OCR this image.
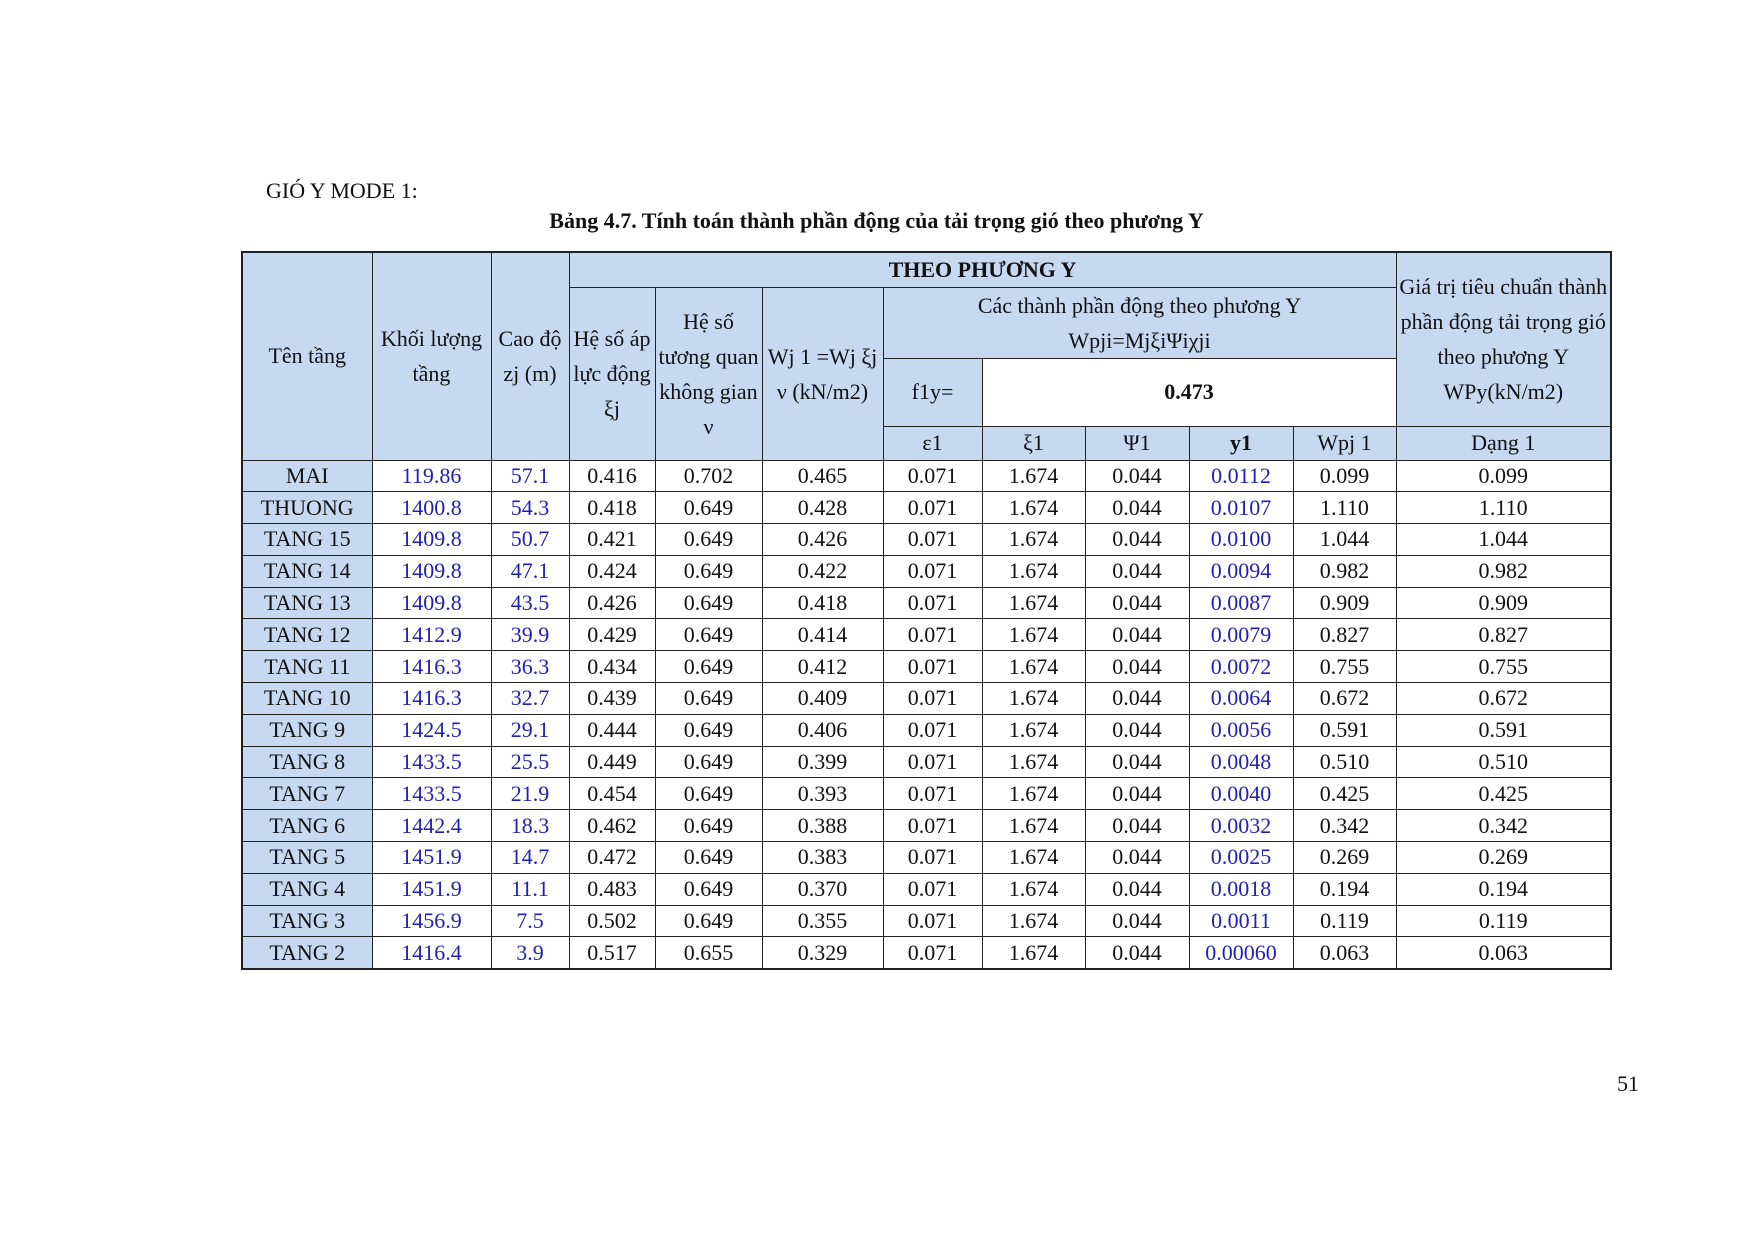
GIÓ Y MODE 1:
Bảng 4.7. Tính toán thành phần động của tải trọng gió theo phương Y
Tên tầng	Khối lượng tầng	Cao độ zj (m)	THEO PHƯƠNG Y								Giá trị tiêu chuẩn thành phần động tải trọng gió theo phương Y
WPy(kN/m2)
			Hệ số áp lực động ξj	Hệ số tương quan không gian ν	Wj 1 =Wj ξj ν (kN/m2)	Các thành phần động theo phương Y
Wpji=MjξiΨiχji					
						f1y=	0.473				
						ε1	ξ1	Ψ1	y1	Wpj 1	Dạng 1
MAI	119.86	57.1	0.416	0.702	0.465	0.071	1.674	0.044	0.0112	0.099	0.099
THUONG	1400.8	54.3	0.418	0.649	0.428	0.071	1.674	0.044	0.0107	1.110	1.110
TANG 15	1409.8	50.7	0.421	0.649	0.426	0.071	1.674	0.044	0.0100	1.044	1.044
TANG 14	1409.8	47.1	0.424	0.649	0.422	0.071	1.674	0.044	0.0094	0.982	0.982
TANG 13	1409.8	43.5	0.426	0.649	0.418	0.071	1.674	0.044	0.0087	0.909	0.909
TANG 12	1412.9	39.9	0.429	0.649	0.414	0.071	1.674	0.044	0.0079	0.827	0.827
TANG 11	1416.3	36.3	0.434	0.649	0.412	0.071	1.674	0.044	0.0072	0.755	0.755
TANG 10	1416.3	32.7	0.439	0.649	0.409	0.071	1.674	0.044	0.0064	0.672	0.672
TANG 9	1424.5	29.1	0.444	0.649	0.406	0.071	1.674	0.044	0.0056	0.591	0.591
TANG 8	1433.5	25.5	0.449	0.649	0.399	0.071	1.674	0.044	0.0048	0.510	0.510
TANG 7	1433.5	21.9	0.454	0.649	0.393	0.071	1.674	0.044	0.0040	0.425	0.425
TANG 6	1442.4	18.3	0.462	0.649	0.388	0.071	1.674	0.044	0.0032	0.342	0.342
TANG 5	1451.9	14.7	0.472	0.649	0.383	0.071	1.674	0.044	0.0025	0.269	0.269
TANG 4	1451.9	11.1	0.483	0.649	0.370	0.071	1.674	0.044	0.0018	0.194	0.194
TANG 3	1456.9	7.5	0.502	0.649	0.355	0.071	1.674	0.044	0.0011	0.119	0.119
TANG 2	1416.4	3.9	0.517	0.655	0.329	0.071	1.674	0.044	0.00060	0.063	0.063
51
